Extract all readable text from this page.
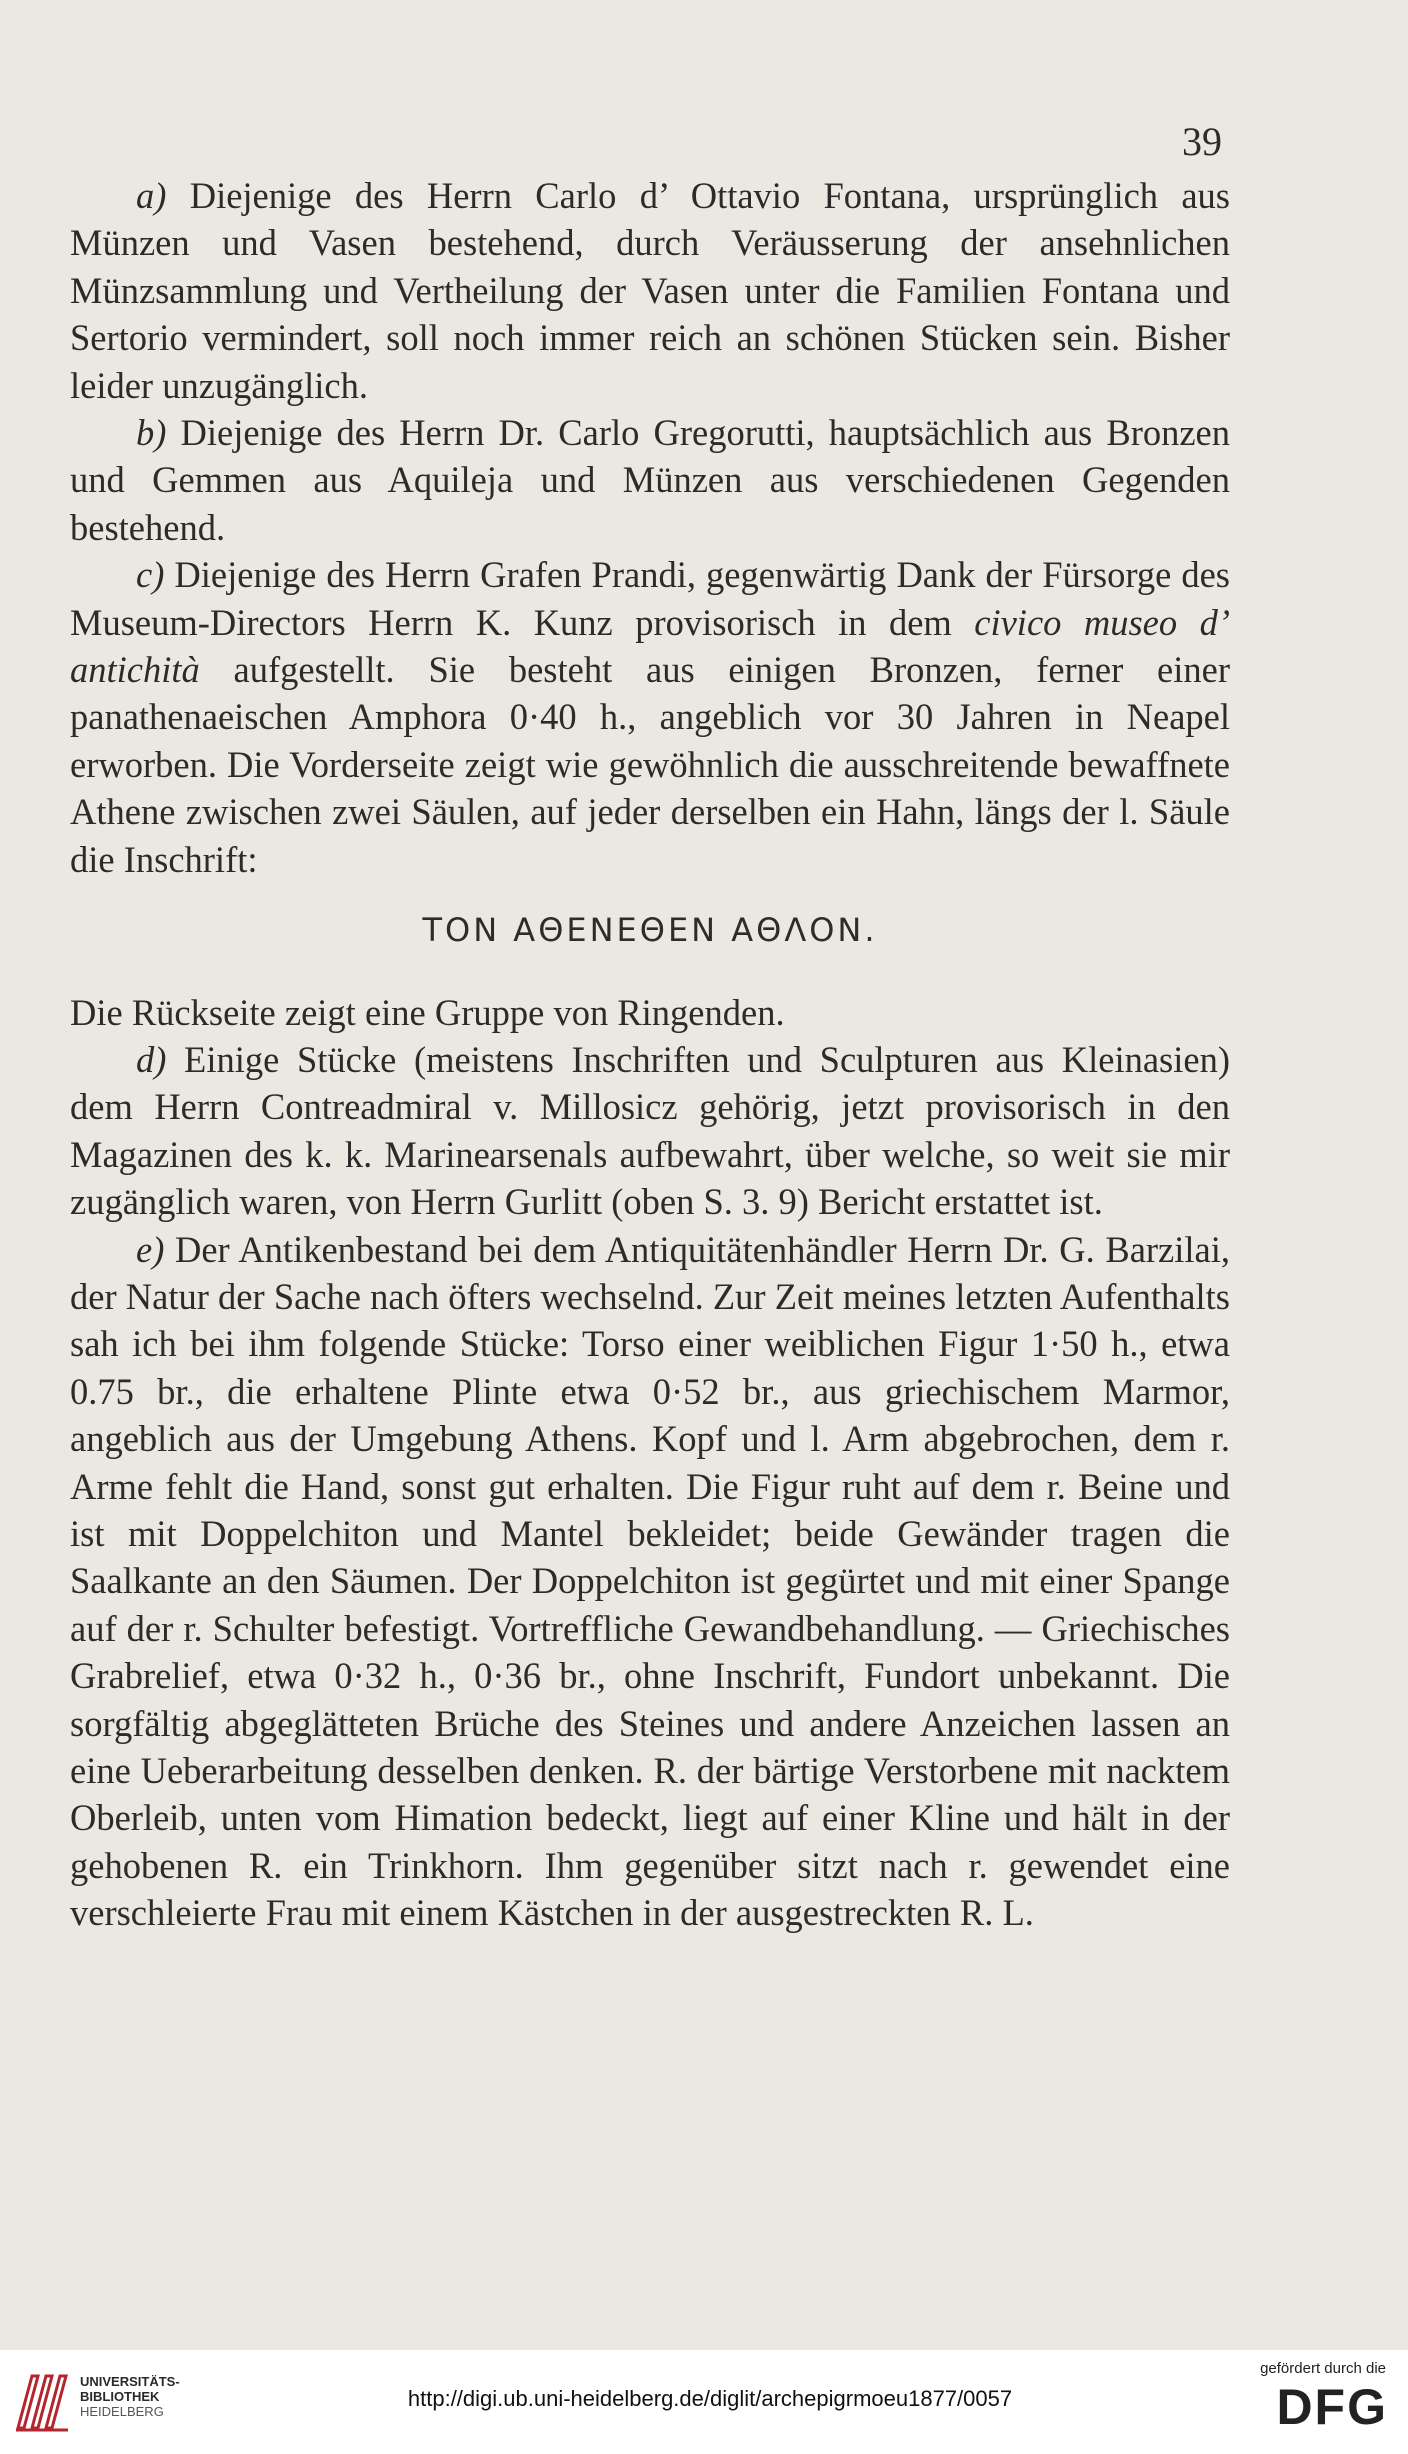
39

a) Diejenige des Herrn Carlo d’ Ottavio Fontana, ursprünglich aus Münzen und Vasen bestehend, durch Veräusserung der ansehnlichen Münzsammlung und Vertheilung der Vasen unter die Familien Fontana und Sertorio vermindert, soll noch immer reich an schönen Stücken sein. Bisher leider unzugänglich.

b) Diejenige des Herrn Dr. Carlo Gregorutti, hauptsächlich aus Bronzen und Gemmen aus Aquileja und Münzen aus verschiedenen Gegenden bestehend.

c) Diejenige des Herrn Grafen Prandi, gegenwärtig Dank der Fürsorge des Museum-Directors Herrn K. Kunz provisorisch in dem civico museo d’ antichità aufgestellt. Sie besteht aus einigen Bronzen, ferner einer panathenaeischen Amphora 0·40 h., angeblich vor 30 Jahren in Neapel erworben. Die Vorderseite zeigt wie gewöhnlich die ausschreitende bewaffnete Athene zwischen zwei Säulen, auf jeder derselben ein Hahn, längs der l. Säule die Inschrift:

ΤΟΝ ΑΘΕΝΕΘΕΝ ΑΘΛΟΝ.

Die Rückseite zeigt eine Gruppe von Ringenden.

d) Einige Stücke (meistens Inschriften und Sculpturen aus Kleinasien) dem Herrn Contreadmiral v. Millosicz gehörig, jetzt provisorisch in den Magazinen des k. k. Marinearsenals aufbewahrt, über welche, so weit sie mir zugänglich waren, von Herrn Gurlitt (oben S. 3. 9) Bericht erstattet ist.

e) Der Antikenbestand bei dem Antiquitätenhändler Herrn Dr. G. Barzilai, der Natur der Sache nach öfters wechselnd. Zur Zeit meines letzten Aufenthalts sah ich bei ihm folgende Stücke: Torso einer weiblichen Figur 1·50 h., etwa 0.75 br., die erhaltene Plinte etwa 0·52 br., aus griechischem Marmor, angeblich aus der Umgebung Athens. Kopf und l. Arm abgebrochen, dem r. Arme fehlt die Hand, sonst gut erhalten. Die Figur ruht auf dem r. Beine und ist mit Doppelchiton und Mantel bekleidet; beide Gewänder tragen die Saalkante an den Säumen. Der Doppelchiton ist gegürtet und mit einer Spange auf der r. Schulter befestigt. Vortreffliche Gewandbehandlung. — Griechisches Grabrelief, etwa 0·32 h., 0·36 br., ohne Inschrift, Fundort unbekannt. Die sorgfältig abgeglätteten Brüche des Steines und andere Anzeichen lassen an eine Ueberarbeitung desselben denken. R. der bärtige Verstorbene mit nacktem Oberleib, unten vom Himation bedeckt, liegt auf einer Kline und hält in der gehobenen R. ein Trinkhorn. Ihm gegenüber sitzt nach r. gewendet eine verschleierte Frau mit einem Kästchen in der ausgestreckten R. L.

UNIVERSITÄTS-
BIBLIOTHEK
HEIDELBERG
http://digi.ub.uni-heidelberg.de/diglit/archepigrmoeu1877/0057
gefördert durch die
DFG
